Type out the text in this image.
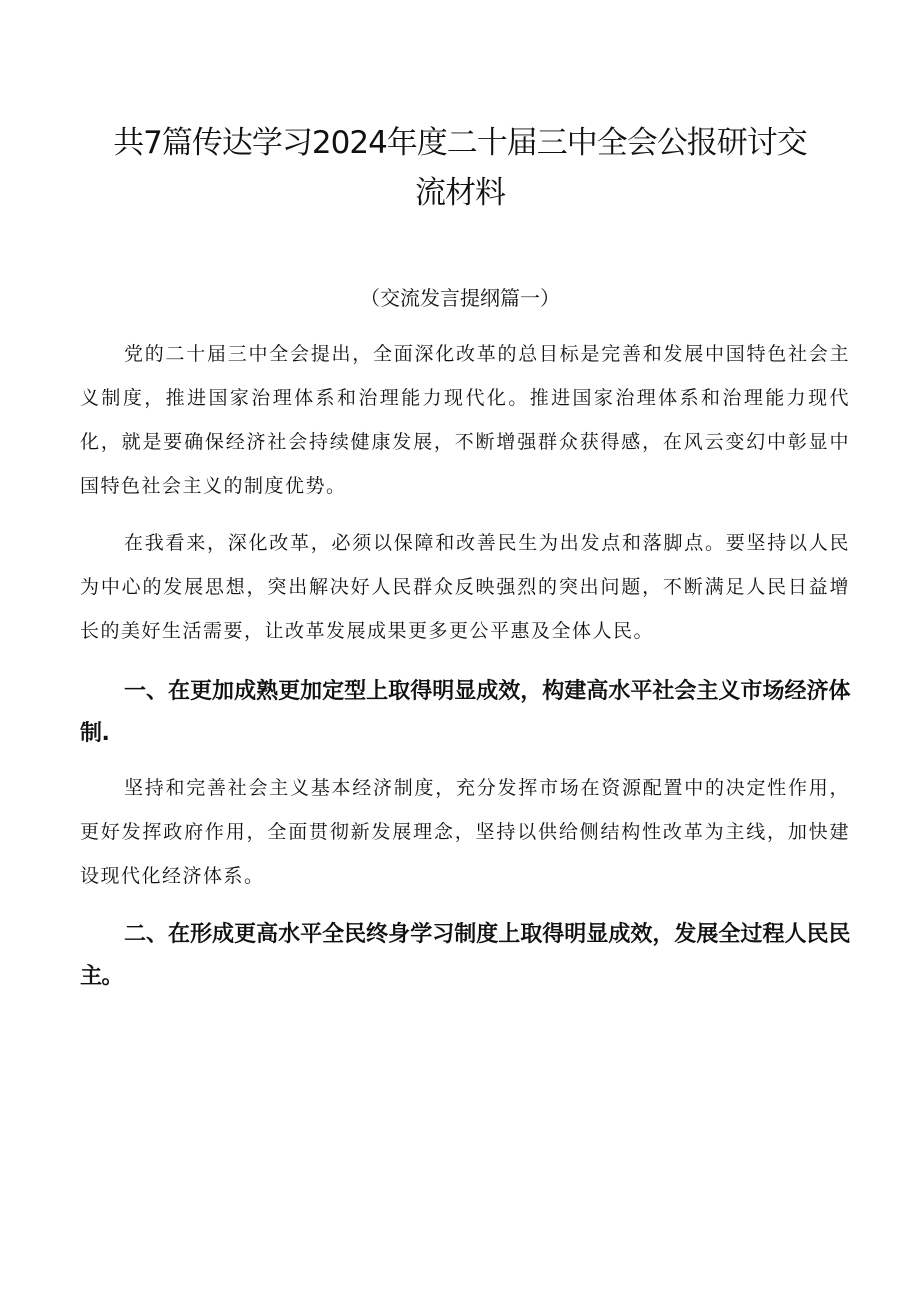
共7篇传达学习2024年度二十届三中全会公报研讨交流材料

（交流发言提纲篇一）

党的二十届三中全会提出，全面深化改革的总目标是完善和发展中国特色社会主义制度，推进国家治理体系和治理能力现代化。推进国家治理体系和治理能力现代化，就是要确保经济社会持续健康发展，不断增强群众获得感，在风云变幻中彰显中国特色社会主义的制度优势。

在我看来，深化改革，必须以保障和改善民生为出发点和落脚点。要坚持以人民为中心的发展思想，突出解决好人民群众反映强烈的突出问题，不断满足人民日益增长的美好生活需要，让改革发展成果更多更公平惠及全体人民。

一、在更加成熟更加定型上取得明显成效，构建高水平社会主义市场经济体制.

坚持和完善社会主义基本经济制度，充分发挥市场在资源配置中的决定性作用，更好发挥政府作用，全面贯彻新发展理念，坚持以供给侧结构性改革为主线，加快建设现代化经济体系。

二、在形成更高水平全民终身学习制度上取得明显成效，发展全过程人民民主。
